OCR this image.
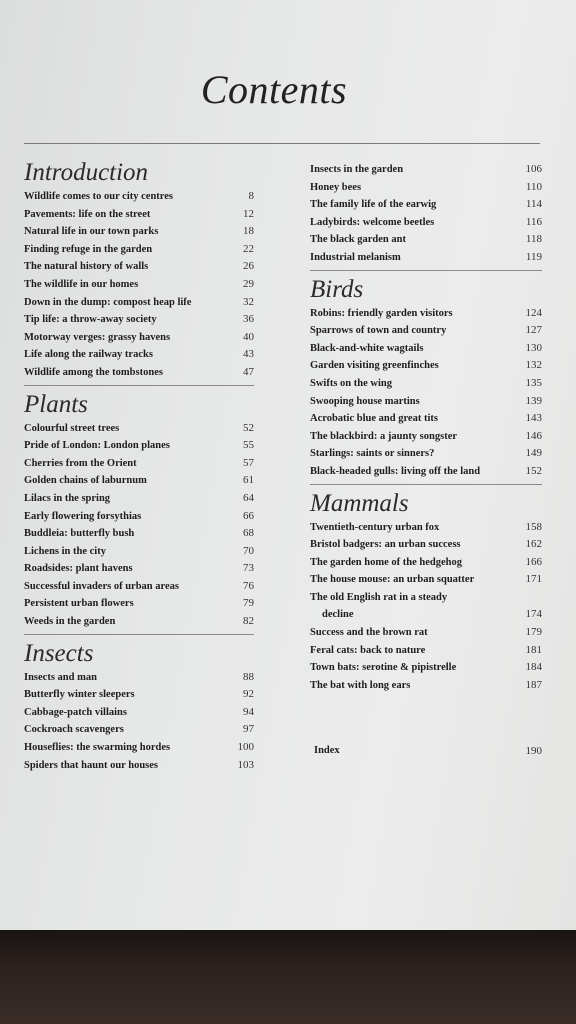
Contents
Introduction
Wildlife comes to our city centres	8
Pavements: life on the street	12
Natural life in our town parks	18
Finding refuge in the garden	22
The natural history of walls	26
The wildlife in our homes	29
Down in the dump: compost heap life	32
Tip life: a throw-away society	36
Motorway verges: grassy havens	40
Life along the railway tracks	43
Wildlife among the tombstones	47
Plants
Colourful street trees	52
Pride of London: London planes	55
Cherries from the Orient	57
Golden chains of laburnum	61
Lilacs in the spring	64
Early flowering forsythias	66
Buddleia: butterfly bush	68
Lichens in the city	70
Roadsides: plant havens	73
Successful invaders of urban areas	76
Persistent urban flowers	79
Weeds in the garden	82
Insects
Insects and man	88
Butterfly winter sleepers	92
Cabbage-patch villains	94
Cockroach scavengers	97
Houseflies: the swarming hordes	100
Spiders that haunt our houses	103
Insects in the garden	106
Honey bees	110
The family life of the earwig	114
Ladybirds: welcome beetles	116
The black garden ant	118
Industrial melanism	119
Birds
Robins: friendly garden visitors	124
Sparrows of town and country	127
Black-and-white wagtails	130
Garden visiting greenfinches	132
Swifts on the wing	135
Swooping house martins	139
Acrobatic blue and great tits	143
The blackbird: a jaunty songster	146
Starlings: saints or sinners?	149
Black-headed gulls: living off the land	152
Mammals
Twentieth-century urban fox	158
Bristol badgers: an urban success	162
The garden home of the hedgehog	166
The house mouse: an urban squatter	171
The old English rat in a steady
decline	174
Success and the brown rat	179
Feral cats: back to nature	181
Town bats: serotine & pipistrelle	184
The bat with long ears	187
Index	190
